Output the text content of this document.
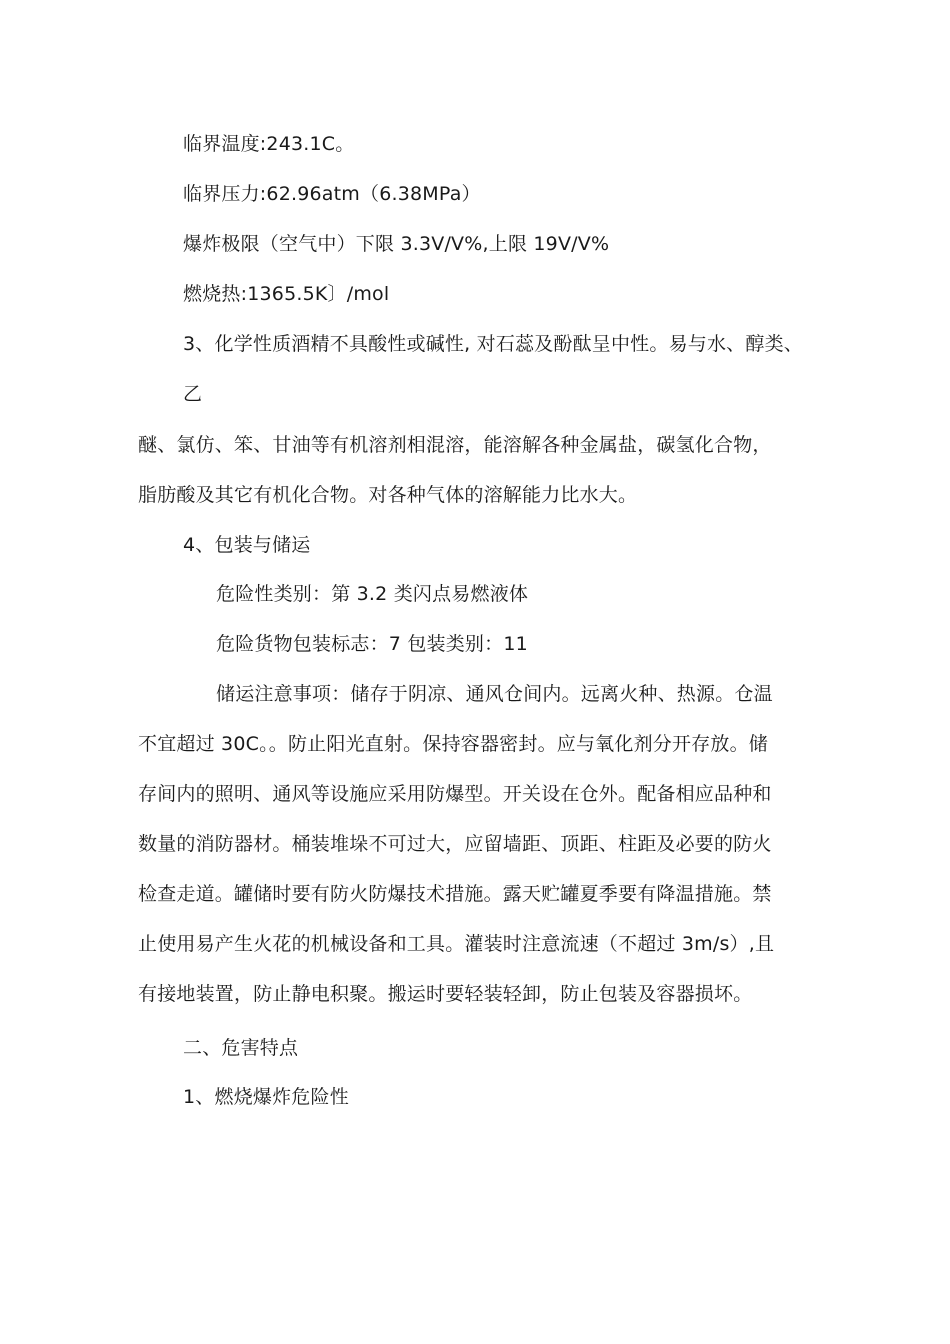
临界温度:243.1C。
临界压力:62.96atm（6.38MPa）
爆炸极限（空气中）下限 3.3V/V%,上限 19V/V%
燃烧热:1365.5K〕/mol
3、化学性质酒精不具酸性或碱性, 对石蕊及酚酞呈中性。易与水、醇类、
乙
醚、氯仿、笨、甘油等有机溶剂相混溶，能溶解各种金属盐，碳氢化合物，
脂肪酸及其它有机化合物。对各种气体的溶解能力比水大。
4、包装与储运
危险性类别：第 3.2 类闪点易燃液体
危险货物包装标志：7 包装类别：11
储运注意事项：储存于阴凉、通风仓间内。远离火种、热源。仓温
不宜超过 30C。。防止阳光直射。保持容器密封。应与氧化剂分开存放。储
存间内的照明、通风等设施应采用防爆型。开关设在仓外。配备相应品种和
数量的消防器材。桶装堆垛不可过大，应留墙距、顶距、柱距及必要的防火
检查走道。罐储时要有防火防爆技术措施。露天贮罐夏季要有降温措施。禁
止使用易产生火花的机械设备和工具。灌装时注意流速（不超过 3m/s）,且
有接地装置，防止静电积聚。搬运时要轻装轻卸，防止包装及容器损坏。
二、危害特点
1、燃烧爆炸危险性
